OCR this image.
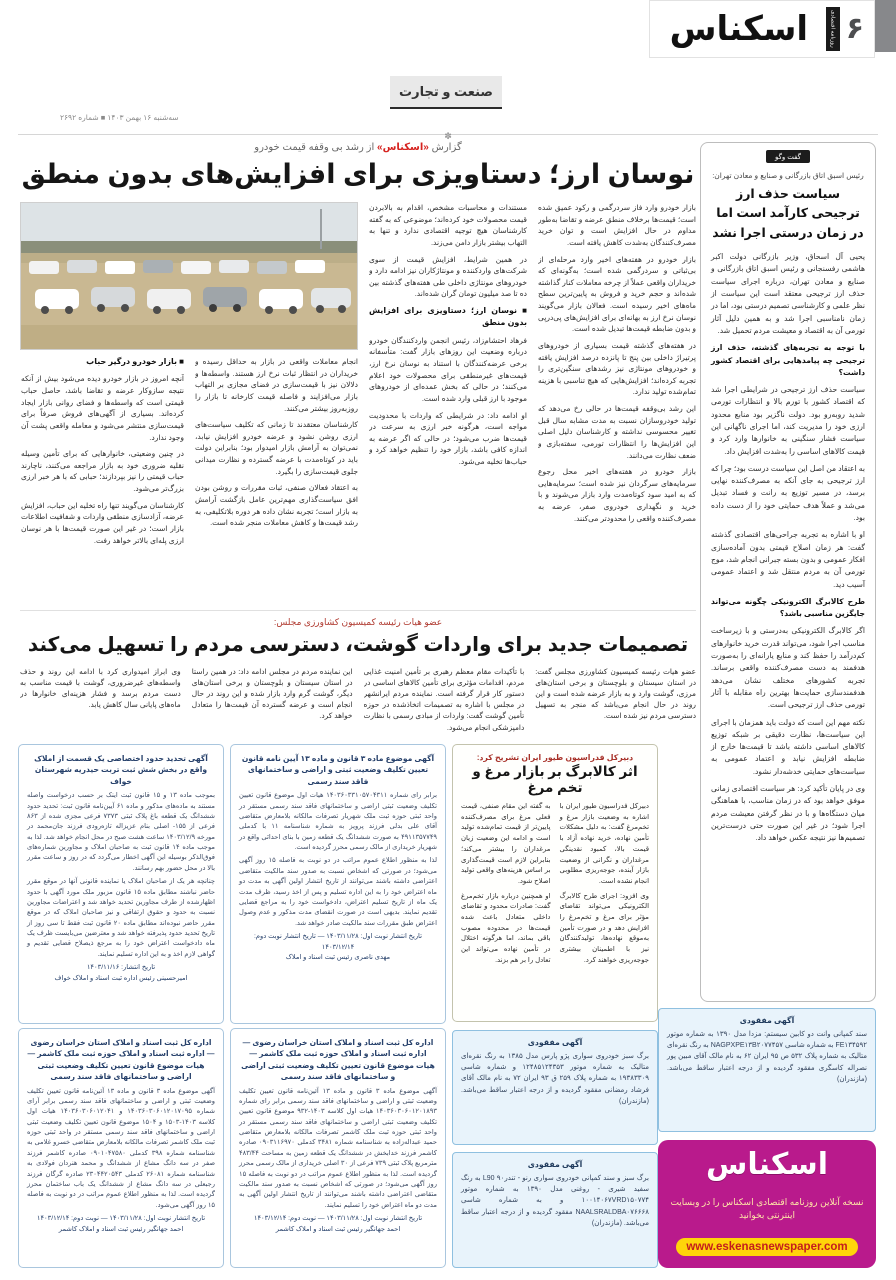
۶
روزنامه اقتصادی
اسکناس
صنعت و تجارت
سه‌شنبه ۱۶ بهمن ۱۴۰۳ ■ شماره ۲۶۹۲
✽
گفت وگو
رئیس اسبق اتاق بازرگانی و صنایع و معادن تهران:
سیاست حذف ارز ترجیحی کارآمد است اما در زمان درستی اجرا نشد

یحیی آل اسحاق، وزیر بازرگانی دولت اکبر هاشمی رفسنجانی و رئیس اسبق اتاق بازرگانی و صنایع و معادن تهران، درباره اجرای سیاست حذف ارز ترجیحی معتقد است این سیاست از نظر علمی و کارشناسی تصمیم درستی بود، اما در زمان نامناسبی اجرا شد و به همین دلیل آثار تورمی آن به اقتصاد و معیشت مردم تحمیل شد.

با توجه به تجربه‌های گذشته، حذف ارز ترجیحی چه پیامدهایی برای اقتصاد کشور داشت؟

سیاست حذف ارز ترجیحی در شرایطی اجرا شد که اقتصاد کشور با تورم بالا و انتظارات تورمی شدید روبه‌رو بود. دولت ناگزیر بود منابع محدود ارزی خود را مدیریت کند، اما اجرای ناگهانی این سیاست فشار سنگینی به خانوارها وارد کرد و قیمت کالاهای اساسی را به‌شدت افزایش داد.

به اعتقاد من اصل این سیاست درست بود؛ چرا که ارز ترجیحی به جای آنکه به مصرف‌کننده نهایی برسد، در مسیر توزیع به رانت و فساد تبدیل می‌شد و عملاً هدف حمایتی خود را از دست داده بود.

او با اشاره به تجربه جراحی‌های اقتصادی گذشته گفت: هر زمان اصلاح قیمتی بدون آماده‌سازی افکار عمومی و بدون بسته جبرانی انجام شد، موج تورمی آن به مردم منتقل شد و اعتماد عمومی آسیب دید.

طرح کالابرگ الکترونیکی چگونه می‌تواند جایگزین مناسبی باشد؟

اگر کالابرگ الکترونیکی به‌درستی و با زیرساخت مناسب اجرا شود، می‌تواند قدرت خرید خانوارهای کم‌درآمد را حفظ کند و منابع یارانه‌ای را به‌صورت هدفمند به دست مصرف‌کننده واقعی برساند. تجربه کشورهای مختلف نشان می‌دهد هدفمندسازی حمایت‌ها بهترین راه مقابله با آثار تورمی حذف ارز ترجیحی است.

نکته مهم این است که دولت باید همزمان با اجرای این سیاست‌ها، نظارت دقیقی بر شبکه توزیع کالاهای اساسی داشته باشد تا قیمت‌ها خارج از ضابطه افزایش نیابد و اعتماد عمومی به سیاست‌های حمایتی خدشه‌دار نشود.

وی در پایان تأکید کرد: هر سیاست اقتصادی زمانی موفق خواهد بود که در زمان مناسب، با هماهنگی میان دستگاه‌ها و با در نظر گرفتن معیشت مردم اجرا شود؛ در غیر این صورت حتی درست‌ترین تصمیم‌ها نیز نتیجه عکس خواهد داد.

گزارش «اسکناس» از رشد بی وقفه قیمت خودرو
نوسان ارز؛ دستاویزی برای افزایش‌های بدون منطق

بازار خودرو وارد فاز سردرگمی و رکود عمیق شده است؛ قیمت‌ها برخلاف منطق عرضه و تقاضا به‌طور مداوم در حال افزایش است و توان خرید مصرف‌کنندگان به‌شدت کاهش یافته است.

بازار خودرو در هفته‌های اخیر وارد مرحله‌ای از بی‌ثباتی و سردرگمی شده است؛ به‌گونه‌ای که خریداران واقعی عملاً از چرخه معاملات کنار گذاشته شده‌اند و حجم خرید و فروش به پایین‌ترین سطح ماه‌های اخیر رسیده است. فعالان بازار می‌گویند نوسان نرخ ارز به بهانه‌ای برای افزایش‌های پی‌درپی و بدون ضابطه قیمت‌ها تبدیل شده است.

در هفته‌های گذشته قیمت بسیاری از خودروهای پرتیراژ داخلی بین پنج تا پانزده درصد افزایش یافته و خودروهای مونتاژی نیز رشدهای سنگین‌تری را تجربه کرده‌اند؛ افزایش‌هایی که هیچ تناسبی با هزینه تمام‌شده تولید ندارد.

این رشد بی‌وقفه قیمت‌ها در حالی رخ می‌دهد که تولید خودروسازان نسبت به مدت مشابه سال قبل تغییر محسوسی نداشته و کارشناسان دلیل اصلی این افزایش‌ها را انتظارات تورمی، سفته‌بازی و ضعف نظارت می‌دانند.

بازار خودرو در هفته‌های اخیر محل رجوع سرمایه‌های سرگردان نیز شده است؛ سرمایه‌هایی که به امید سود کوتاه‌مدت وارد بازار می‌شوند و با خرید و نگهداری خودروی صفر، عرضه به مصرف‌کننده واقعی را محدودتر می‌کنند.

مستندات و محاسبات مشخص، اقدام به بالابردن قیمت محصولات خود کرده‌اند؛ موضوعی که به گفته کارشناسان هیچ توجیه اقتصادی ندارد و تنها به التهاب بیشتر بازار دامن می‌زند.

در همین شرایط، افزایش قیمت از سوی شرکت‌های واردکننده و مونتاژکاران نیز ادامه دارد و خودروهای مونتاژی داخلی طی هفته‌های گذشته بین ده تا صد میلیون تومان گران شده‌اند.

■ نوسان ارز؛ دستاویزی برای افزایش بدون منطق

فرهاد احتشام‌زاد، رئیس انجمن واردکنندگان خودرو درباره وضعیت این روزهای بازار گفت: متأسفانه برخی عرضه‌کنندگان با استناد به نوسان نرخ ارز، قیمت‌های غیرمنطقی برای محصولات خود اعلام می‌کنند؛ در حالی که بخش عمده‌ای از خودروهای موجود با ارز قبلی وارد شده است.

او ادامه داد: در شرایطی که واردات با محدودیت مواجه است، هرگونه خبر ارزی به سرعت در قیمت‌ها ضرب می‌شود؛ در حالی که اگر عرضه به اندازه کافی باشد، بازار خود را تنظیم خواهد کرد و حباب‌ها تخلیه می‌شود.

انجام معاملات واقعی در بازار به حداقل رسیده و خریداران در انتظار ثبات نرخ ارز هستند. واسطه‌ها و دلالان نیز با قیمت‌سازی در فضای مجازی بر التهاب بازار می‌افزایند و فاصله قیمت کارخانه تا بازار را روزبه‌روز بیشتر می‌کنند.

کارشناسان معتقدند تا زمانی که تکلیف سیاست‌های ارزی روشن نشود و عرضه خودرو افزایش نیابد، نمی‌توان به آرامش بازار امیدوار بود؛ بنابراین دولت باید در کوتاه‌مدت با عرضه گسترده و نظارت میدانی جلوی قیمت‌سازی را بگیرد.

به اعتقاد فعالان صنفی، ثبات مقررات و روشن بودن افق سیاست‌گذاری مهم‌ترین عامل بازگشت آرامش به بازار است؛ تجربه نشان داده هر دوره بلاتکلیفی، به رشد قیمت‌ها و کاهش معاملات منجر شده است.

■ بازار خودرو درگیر حباب

آنچه امروز در بازار خودرو دیده می‌شود بیش از آنکه نتیجه سازوکار عرضه و تقاضا باشد، حاصل حباب قیمتی است که واسطه‌ها و فضای روانی بازار ایجاد کرده‌اند. بسیاری از آگهی‌های فروش صرفاً برای قیمت‌سازی منتشر می‌شود و معامله واقعی پشت آن وجود ندارد.

در چنین وضعیتی، خانوارهایی که برای تأمین وسیله نقلیه ضروری خود به بازار مراجعه می‌کنند، ناچارند حباب قیمتی را نیز بپردازند؛ حبابی که با هر خبر ارزی بزرگ‌تر می‌شود.

کارشناسان می‌گویند تنها راه تخلیه این حباب، افزایش عرضه، آزادسازی منطقی واردات و شفافیت اطلاعات بازار است؛ در غیر این صورت قیمت‌ها با هر نوسان ارزی پله‌ای بالاتر خواهد رفت.

عضو هیات رئیسه کمیسیون کشاورزی مجلس:
تصمیمات جدید برای واردات گوشت، دسترسی مردم را تسهیل می‌کند

عضو هیات رئیسه کمیسیون کشاورزی مجلس گفت: در استان سیستان و بلوچستان و برخی استان‌های مرزی، گوشت وارد و به بازار عرضه شده است و این روند در حال انجام می‌باشد که منجر به تسهیل دسترسی مردم نیز شده است.

با تأکیدات مقام معظم رهبری بر تأمین امنیت غذایی مردم، اقدامات مؤثری برای تأمین کالاهای اساسی در دستور کار قرار گرفته است. نماینده مردم ایرانشهر در مجلس با اشاره به تصمیمات اتخاذشده در حوزه تأمین گوشت گفت: واردات از مبادی رسمی با نظارت دامپزشکی انجام می‌شود.

این نماینده مردم در مجلس ادامه داد: در همین راستا در استان سیستان و بلوچستان و برخی استان‌های دیگر، گوشت گرم وارد بازار شده و این روند در حال انجام است و عرضه گسترده آن قیمت‌ها را متعادل خواهد کرد.

وی ابراز امیدواری کرد با ادامه این روند و حذف واسطه‌های غیرضروری، گوشت با قیمت مناسب به دست مردم برسد و فشار هزینه‌ای خانوارها در ماه‌های پایانی سال کاهش یابد.

آگهی تحدید حدود اختصاصی یک قسمت از املاک واقع در بخش شش ثبت تربت حیدریه شهرستان خواف

بموجب ماده ۱۳ و ۱۵ قانون ثبت اینک بر حسب درخواست واصله مستند به ماده‌های مذکور و ماده ۶۱ آیین‌نامه قانون ثبت: تحدید حدود ششدانگ یک قطعه باغ پلاک ثبتی ۷۳۷۳ فرعی مجزی شده از ۸۶۳ فرعی از ۱۵۵- اصلی بنام عزیزاله تازه‌رودی فرزند جان‌محمد در مورخه ۱۴۰۳/۱۲/۹ ساعت هشت صبح در محل انجام خواهد شد. لذا به موجب ماده ۱۴ قانون ثبت به صاحبان املاک و مجاورین شماره‌های فوق‌الذکر بوسیله این آگهی اخطار می‌گردد که در روز و ساعت مقرر بالا در محل حضور بهم رسانند.

چنانچه هر یک از صاحبان املاک یا نماینده قانونی آنها در موقع مقرر حاضر نباشند مطابق ماده ۱۵ قانون مزبور ملک مورد آگهی با حدود اظهارشده از طرف مجاورین تحدید خواهد شد و اعتراضات مجاورین نسبت به حدود و حقوق ارتفاقی و نیز صاحبان املاک که در موقع مقرر حاضر نبوده‌اند مطابق ماده ۲۰ قانون ثبت فقط تا سی روز از تاریخ تحدید حدود پذیرفته خواهد شد و معترضین می‌بایست ظرف یک ماه دادخواست اعتراض خود را به مرجع ذیصلاح قضایی تقدیم و گواهی لازم اخذ و به این اداره تسلیم نمایند.

تاریخ انتشار: ۱۴۰۳/۱۱/۱۶

امیرحسینی رئیس اداره ثبت اسناد و املاک خواف

آگهی موضوع ماده ۳ قانون و ماده ۱۳ آیین نامه قانون تعیین تکلیف وضعیت ثبتی و اراضی و ساختمانهای فاقد سند رسمی

برابر رای شماره ۱۴۰۳۶۰۳۳۱۰۵۷۰۴۳۱۱ هیات اول موضوع قانون تعیین تکلیف وضعیت ثبتی اراضی و ساختمانهای فاقد سند رسمی مستقر در واحد ثبتی حوزه ثبت ملک شهریار تصرفات مالکانه بلامعارض متقاضی آقای علی بدلی فرزند پرویز به شماره شناسنامه ۱۱ با کدملی ۴۹۱۱۳۵۷۷۴۹ به صورت ششدانگ یک قطعه زمین با بنای احداثی واقع در شهریار خریداری از مالک رسمی محرز گردیده است.

لذا به منظور اطلاع عموم مراتب در دو نوبت به فاصله ۱۵ روز آگهی می‌شود؛ در صورتی که اشخاص نسبت به صدور سند مالکیت متقاضی اعتراضی داشته باشند می‌توانند از تاریخ انتشار اولین آگهی به مدت دو ماه اعتراض خود را به این اداره تسلیم و پس از اخذ رسید، ظرف مدت یک ماه از تاریخ تسلیم اعتراض، دادخواست خود را به مراجع قضایی تقدیم نمایند. بدیهی است در صورت انقضای مدت مذکور و عدم وصول اعتراض طبق مقررات سند مالکیت صادر خواهد شد.

تاریخ انتشار نوبت اول: ۱۴۰۳/۱۱/۲۸ — تاریخ انتشار نوبت دوم: ۱۴۰۳/۱۲/۱۴

مهدی ناصری رئیس ثبت اسناد و املاک

اداره کل ثبت اسناد و املاک استان خراسان رضوی — اداره ثبت اسناد و املاک حوزه ثبت ملک کاشمر — هیات موضوع قانون تعیین تکلیف وضعیت ثبتی اراضی و ساختمانهای فاقد سند رسمی

آگهی موضوع ماده ۳ قانون و ماده ۱۳ آئین‌نامه قانون تعیین تکلیف وضعیت ثبتی و اراضی و ساختمانهای فاقد سند رسمی برابر آرای شماره ۱۴۰۳۶۰۳۰۶۰۱۲۰۱۷۰۹۵ و ۱۴۰۳۶۰۳۰۶۰۱۲۰۴۱ هیات اول کلاسه ۱۴۰۳-۱۵۰۳ و ۱۵۰۴ موضوع قانون تعیین تکلیف وضعیت ثبتی اراضی و ساختمانهای فاقد سند رسمی مستقر در واحد ثبتی حوزه ثبت ملک کاشمر تصرفات مالکانه بلامعارض متقاضی خسرو غلامی به شناسنامه شماره ۳۹۸ کدملی ۰۹۰۱۰۴۷۵۸۰ صادره کاشمر فرزند صفر در سه دانگ مشاع از ششدانگ و محمد هنردان فولادی به شناسنامه شماره ۲۶۰۸۱ کدملی ۲۳۰۴۴۲۰۵۴۳ صادره گرگان فرزند رجبعلی در سه دانگ مشاع از ششدانگ یک باب ساختمان محرز گردیده است. لذا به منظور اطلاع عموم مراتب در دو نوبت به فاصله ۱۵ روز آگهی می‌شود.

تاریخ انتشار نوبت اول: ۱۴۰۳/۱۱/۲۸ — نوبت دوم: ۱۴۰۳/۱۲/۱۴

احمد جهانگیر رئیس ثبت اسناد و املاک کاشمر

اداره کل ثبت اسناد و املاک استان خراسان رضوی — اداره ثبت اسناد و املاک حوزه ثبت ملک کاشمر — هیات موضوع قانون تعیین تکلیف وضعیت ثبتی اراضی و ساختمانهای فاقد سند رسمی

آگهی موضوع ماده ۳ قانون و ماده ۱۳ آئین‌نامه قانون تعیین تکلیف وضعیت ثبتی و اراضی و ساختمانهای فاقد سند رسمی برابر رای شماره ۱۴۰۳۶۰۳۰۶۰۱۲۰۱۸۹۳ هیات اول کلاسه ۱۴۰۳-۹۳۲ موضوع قانون تعیین تکلیف وضعیت ثبتی اراضی و ساختمانهای فاقد سند رسمی مستقر در واحد ثبتی حوزه ثبت ملک کاشمر تصرفات مالکانه بلامعارض متقاضی حمید عبداله‌زاده به شناسنامه شماره ۳۴۸۱ کدملی ۰۹۰۳۱۱۶۹۷۰ صادره کاشمر فرزند خدابخش در ششدانگ یک قطعه زمین به مساحت ۴۸۳/۴۴ مترمربع پلاک ثبتی ۷۳۹ فرعی از ۳۰ اصلی خریداری از مالک رسمی محرز گردیده است. لذا به منظور اطلاع عموم مراتب در دو نوبت به فاصله ۱۵ روز آگهی می‌شود؛ در صورتی که اشخاص نسبت به صدور سند مالکیت متقاضی اعتراضی داشته باشند می‌توانند از تاریخ انتشار اولین آگهی به مدت دو ماه اعتراض خود را تسلیم نمایند.

تاریخ انتشار نوبت اول: ۱۴۰۳/۱۱/۲۸ — نوبت دوم: ۱۴۰۳/۱۲/۱۴

احمد جهانگیر رئیس ثبت اسناد و املاک کاشمر

دبیرکل فدراسیون طیور ایران تشریح کرد:
اثر کالابرگ بر بازار مرغ و تخم مرغ

دبیرکل فدراسیون طیور ایران با اشاره به وضعیت بازار مرغ و تخم‌مرغ گفت: به دلیل مشکلات تأمین نهاده، خرید نهاده آزاد با قیمت بالا، کمبود نقدینگی مرغداران و نگرانی از وضعیت بازار آینده، جوجه‌ریزی مطلوبی انجام نشده است.

وی افزود: اجرای طرح کالابرگ الکترونیکی می‌تواند تقاضای مؤثر برای مرغ و تخم‌مرغ را افزایش دهد و در صورت تأمین به‌موقع نهاده‌ها، تولیدکنندگان نیز با اطمینان بیشتری جوجه‌ریزی خواهند کرد.

به گفته این مقام صنفی، قیمت فعلی مرغ برای مصرف‌کننده پایین‌تر از قیمت تمام‌شده تولید است و ادامه این وضعیت زیان مرغداران را بیشتر می‌کند؛ بنابراین لازم است قیمت‌گذاری بر اساس هزینه‌های واقعی تولید اصلاح شود.

او همچنین درباره بازار تخم‌مرغ گفت: صادرات محدود و تقاضای داخلی متعادل باعث شده قیمت‌ها در محدوده مصوب باقی بماند، اما هرگونه اختلال در تأمین نهاده می‌تواند این تعادل را بر هم بزند.

آگهی مفقودی
برگ سبز خودروی سواری پژو پارس مدل ۱۳۸۵ به رنگ نقره‌ای متالیک به شماره موتور ۱۲۴۸۵۱۲۴۳۵۳ و شماره شاسی ۱۹۳۸۳۳۰۹ به شماره پلاک ۲۵۹ ق ۹۳ ایران ۷۲ به نام مالک آقای فرشاد رمضانی مفقود گردیده و از درجه اعتبار ساقط می‌باشد. (مازندران)
آگهی مفقودی
برگ سبز و سند کمپانی خودروی سواری رنو - تندر۹۰ L90 به رنگ سفید شیری - روغنی مدل ۱۳۹۰ به شماره موتور ۱۰۰۱۴۰۶۷VRD۱۵۰۷۷۴ و به شماره شاسی NAALSRALDBA۰۷۶۶۶۸ مفقود گردیده و از درجه اعتبار ساقط می‌باشد. (مازندران)
آگهی مفقودی
سند کمپانی وانت دو کابین سیستم: مزدا مدل ۱۳۹۰ به شماره موتور FE۱۳۴۵۹۲ به شماره شاسی NAGPXPE۱۳B۲۰۷۷۴۵۷ به رنگ نقره‌ای متالیک به شماره پلاک ۵۳۲ ص ۹۵ ایران ۶۲ به نام مالک آقای مبین پور نصراله کاسگری مفقود گردیده و از درجه اعتبار ساقط می‌باشد. (مازندران)
اسکناس
نسخه آنلاین روزنامه اقتصادی اسکناس را در وبسایت اینترنتی بخوانید
www.eskenasnewspaper.com
